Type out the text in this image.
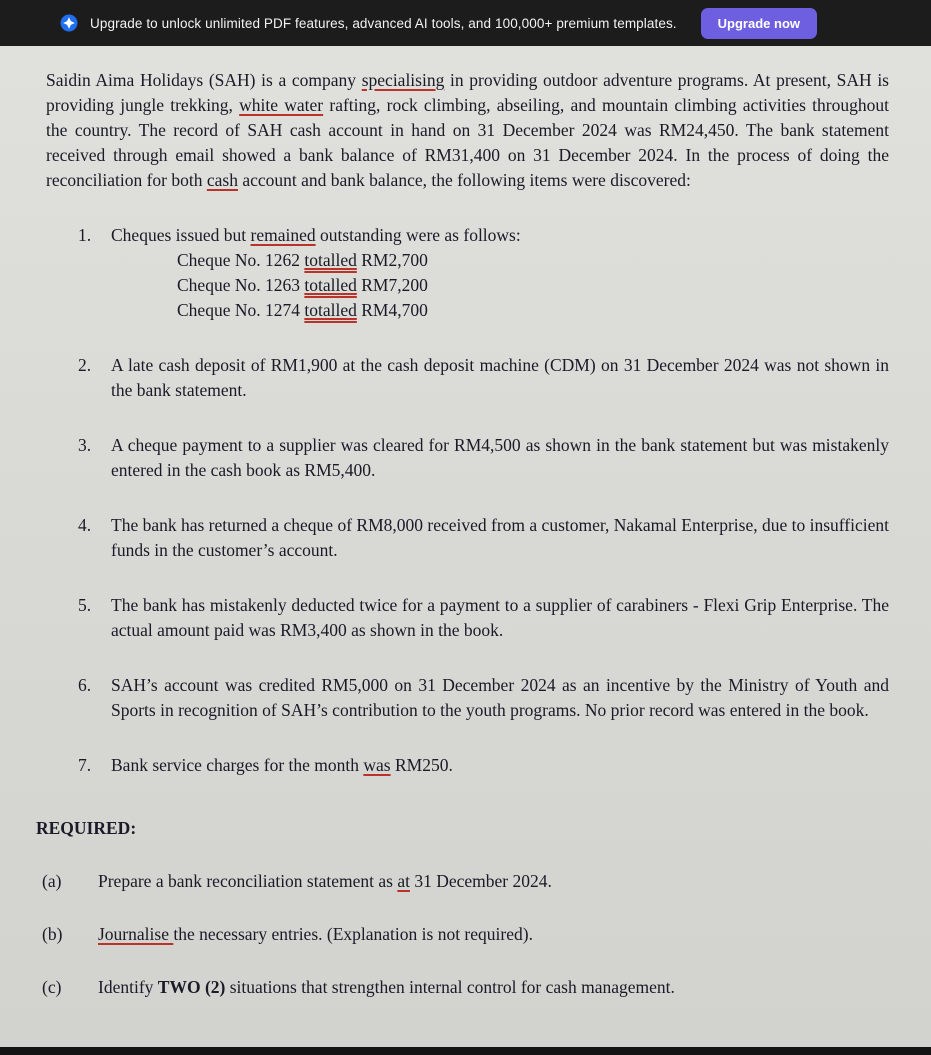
Upgrade to unlock unlimited PDF features, advanced AI tools, and 100,000+ premium templates.	Upgrade now

Saidin Aima Holidays (SAH) is a company specialising in providing outdoor adventure programs. At present, SAH is providing jungle trekking, white water rafting, rock climbing, abseiling, and mountain climbing activities throughout the country. The record of SAH cash account in hand on 31 December 2024 was RM24,450. The bank statement received through email showed a bank balance of RM31,400 on 31 December 2024. In the process of doing the reconciliation for both cash account and bank balance, the following items were discovered:

1.	Cheques issued but remained outstanding were as follows:

Cheque No. 1262 totalled RM2,700

Cheque No. 1263 totalled RM7,200

Cheque No. 1274 totalled RM4,700

2.	A late cash deposit of RM1,900 at the cash deposit machine (CDM) on 31 December 2024 was not shown in the bank statement.

3.	A cheque payment to a supplier was cleared for RM4,500 as shown in the bank statement but was mistakenly entered in the cash book as RM5,400.

4.	The bank has returned a cheque of RM8,000 received from a customer, Nakamal Enterprise, due to insufficient funds in the customer’s account.

5.	The bank has mistakenly deducted twice for a payment to a supplier of carabiners - Flexi Grip Enterprise. The actual amount paid was RM3,400 as shown in the book.

6.	SAH’s account was credited RM5,000 on 31 December 2024 as an incentive by the Ministry of Youth and Sports in recognition of SAH’s contribution to the youth programs. No prior record was entered in the book.

7.	Bank service charges for the month was RM250.

REQUIRED:
(a)	Prepare a bank reconciliation statement as at 31 December 2024.

(b)	Journalise the necessary entries. (Explanation is not required).

(c)	Identify TWO (2) situations that strengthen internal control for cash management.
